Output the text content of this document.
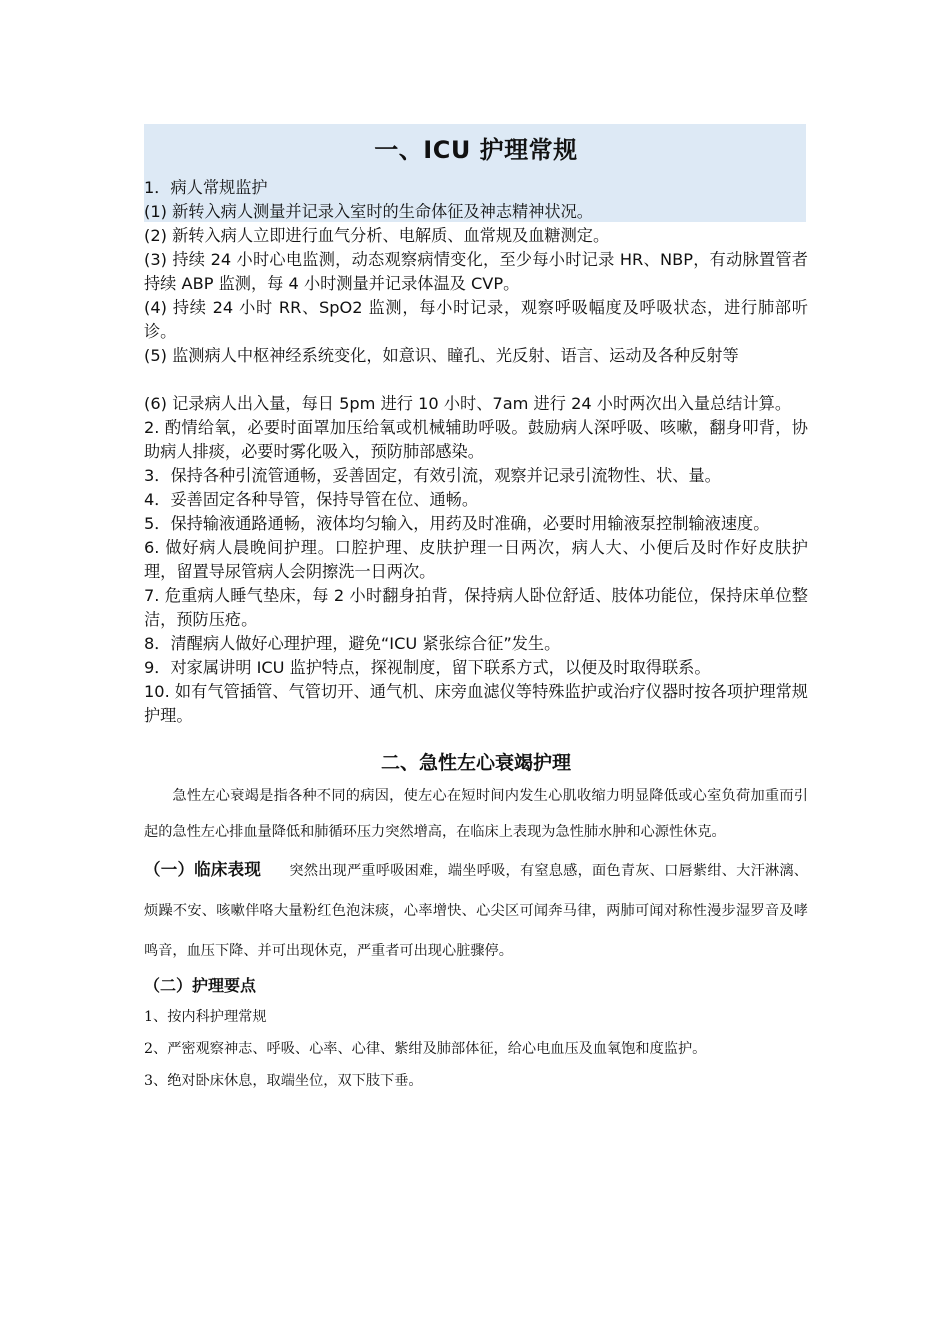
一、ICU 护理常规

1．病人常规监护

(1) 新转入病人测量并记录入室时的生命体征及神志精神状况。

(2) 新转入病人立即进行血气分析、电解质、血常规及血糖测定。

(3) 持续 24 小时心电监测，动态观察病情变化，至少每小时记录 HR、NBP，有动脉置管者持续 ABP 监测，每 4 小时测量并记录体温及 CVP。

(4) 持续 24 小时 RR、SpO2 监测，每小时记录，观察呼吸幅度及呼吸状态，进行肺部听诊。

(5) 监测病人中枢神经系统变化，如意识、瞳孔、光反射、语言、运动及各种反射等

(6) 记录病人出入量，每日 5pm 进行 10 小时、7am 进行 24 小时两次出入量总结计算。

2. 酌情给氧，必要时面罩加压给氧或机械辅助呼吸。鼓励病人深呼吸、咳嗽，翻身叩背，协助病人排痰，必要时雾化吸入，预防肺部感染。

3．保持各种引流管通畅，妥善固定，有效引流，观察并记录引流物性、状、量。

4．妥善固定各种导管，保持导管在位、通畅。

5．保持输液通路通畅，液体均匀输入，用药及时准确，必要时用输液泵控制输液速度。

6. 做好病人晨晚间护理。口腔护理、皮肤护理一日两次，病人大、小便后及时作好皮肤护理，留置导尿管病人会阴擦洗一日两次。

7. 危重病人睡气垫床，每 2 小时翻身拍背，保持病人卧位舒适、肢体功能位，保持床单位整洁，预防压疮。

8．清醒病人做好心理护理，避免“ICU 紧张综合征”发生。

9．对家属讲明 ICU 监护特点，探视制度，留下联系方式，以便及时取得联系。

10. 如有气管插管、气管切开、通气机、床旁血滤仪等特殊监护或治疗仪器时按各项护理常规护理。

二、急性左心衰竭护理

急性左心衰竭是指各种不同的病因，使左心在短时间内发生心肌收缩力明显降低或心室负荷加重而引起的急性左心排血量降低和肺循环压力突然增高，在临床上表现为急性肺水肿和心源性休克。

（一）临床表现 突然出现严重呼吸困难，端坐呼吸，有窒息感，面色青灰、口唇紫绀、大汗淋漓、烦躁不安、咳嗽伴咯大量粉红色泡沫痰，心率增快、心尖区可闻奔马律，两肺可闻对称性漫步湿罗音及哮鸣音，血压下降、并可出现休克，严重者可出现心脏骤停。

（二）护理要点

1、按内科护理常规

2、严密观察神志、呼吸、心率、心律、紫绀及肺部体征，给心电血压及血氧饱和度监护。

3、绝对卧床休息，取端坐位，双下肢下垂。
